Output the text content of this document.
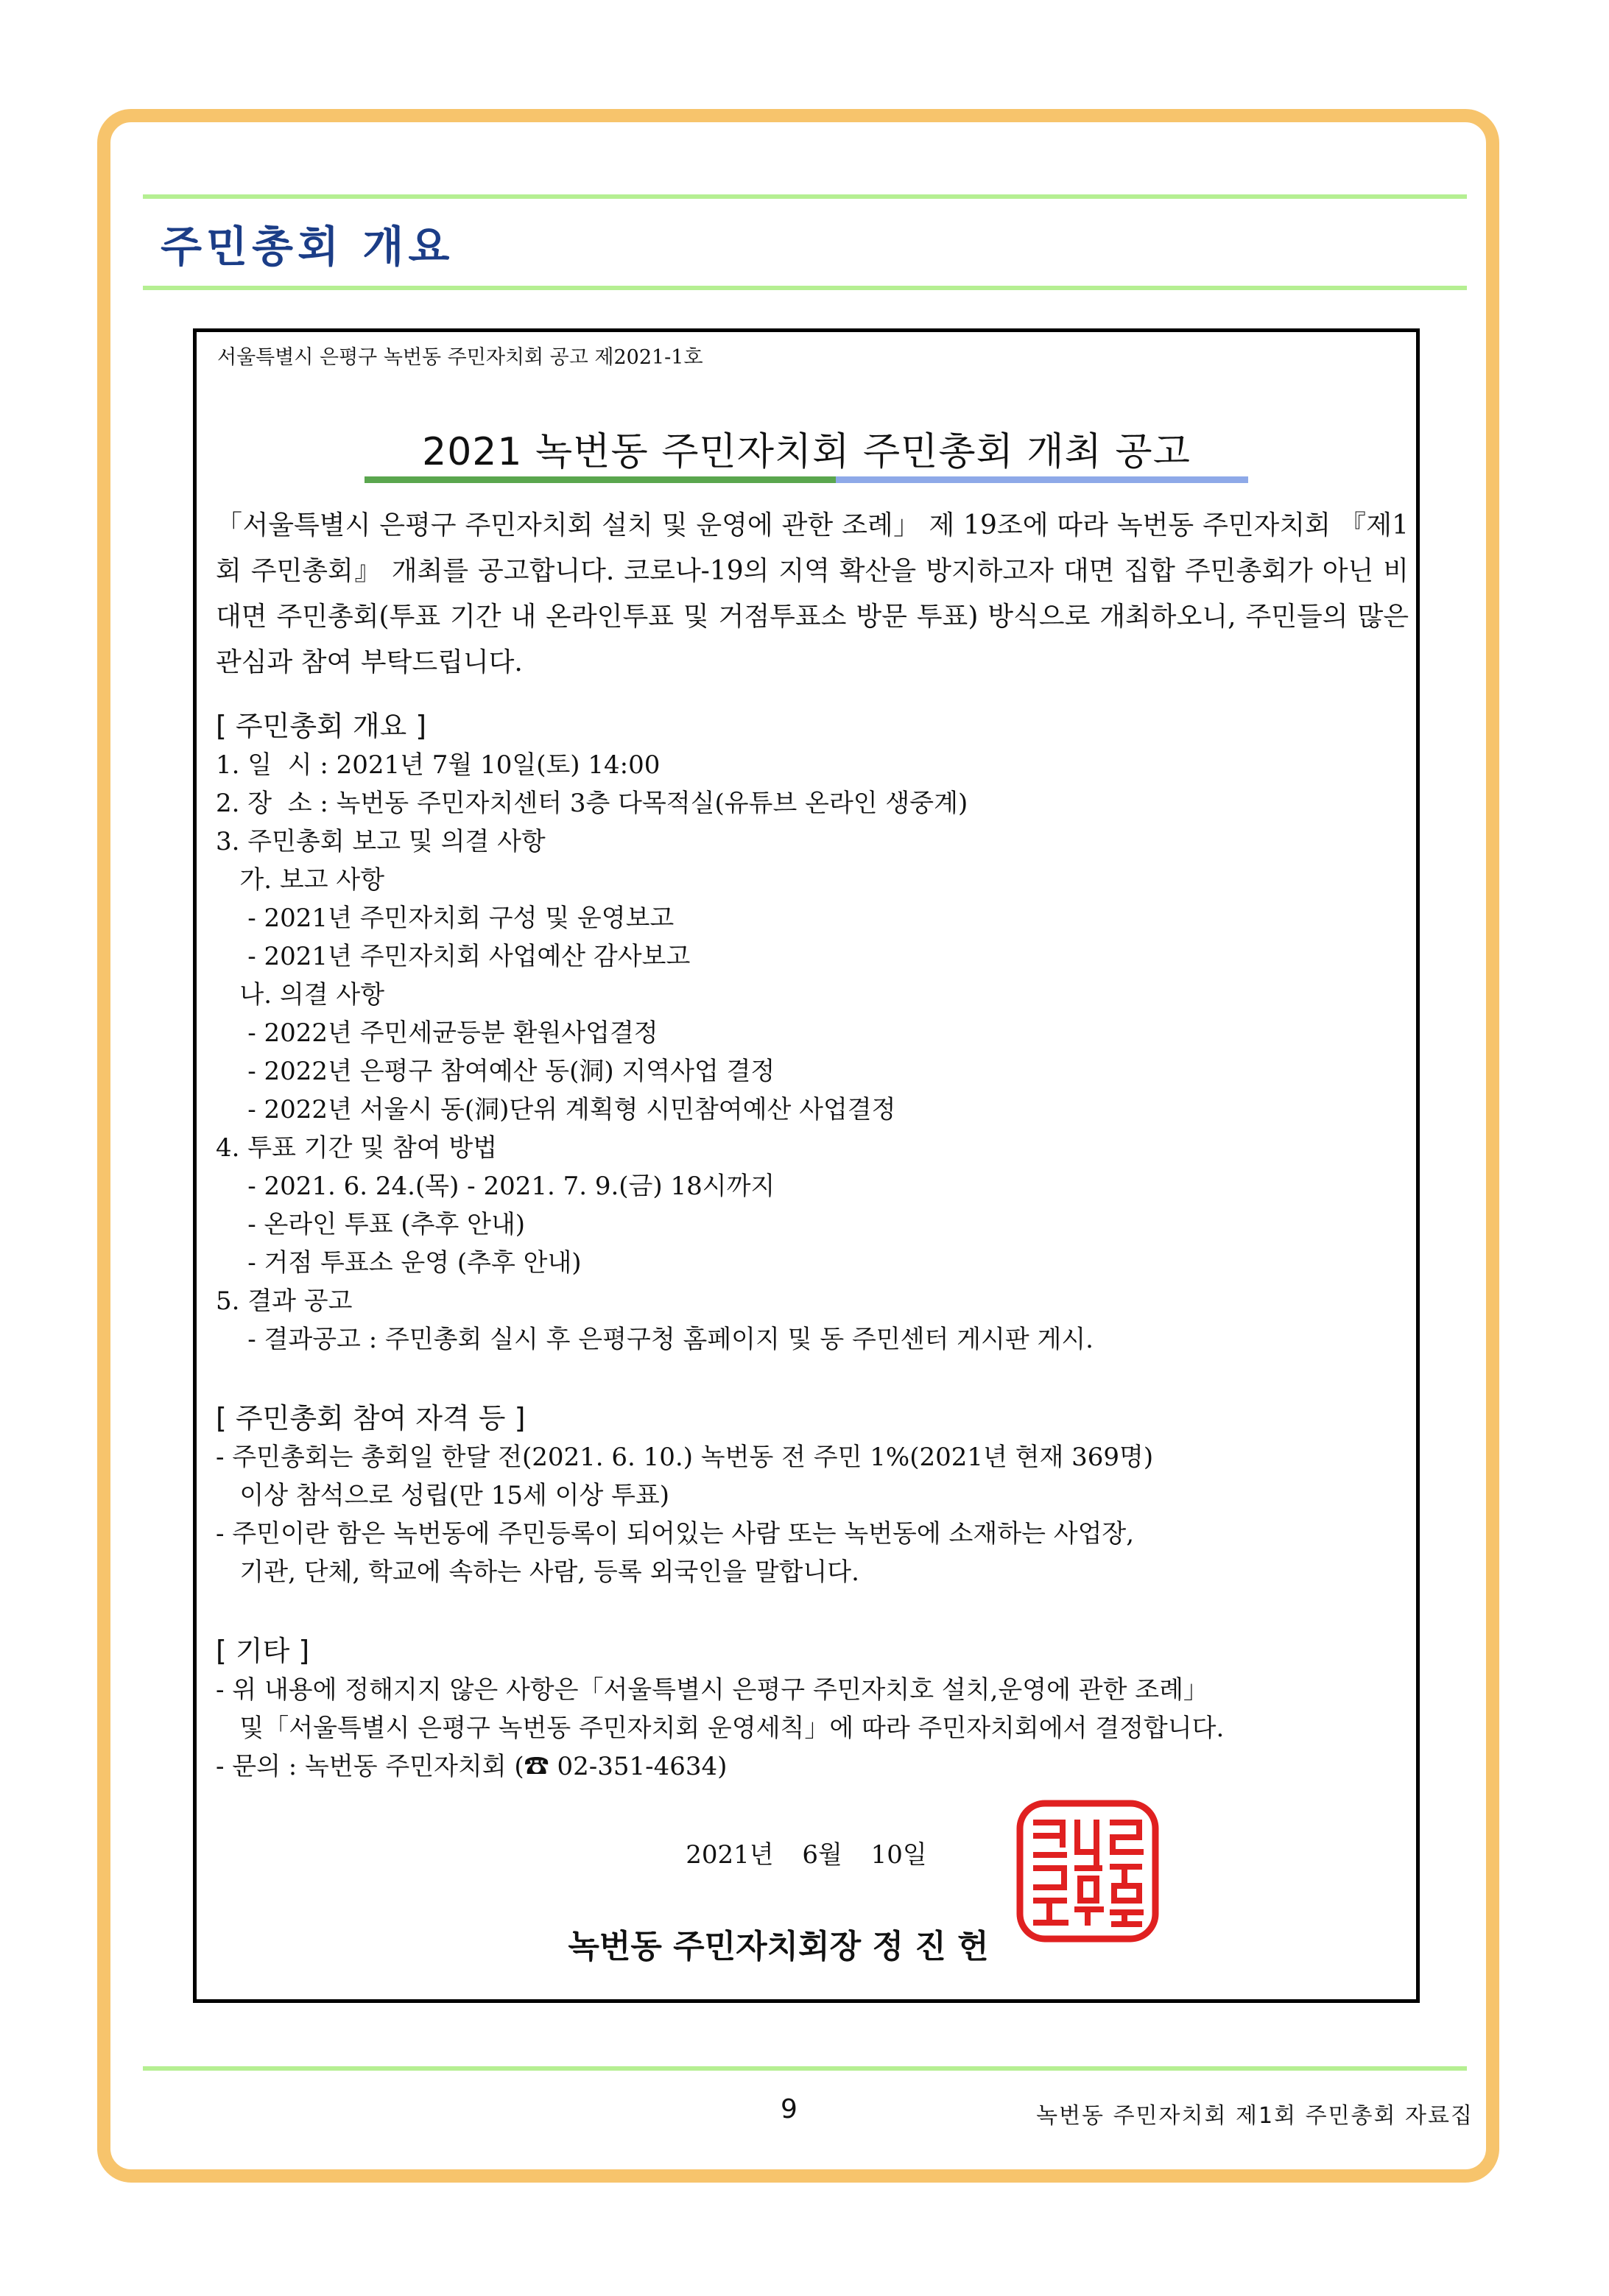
주민총회 개요
서울특별시 은평구 녹번동 주민자치회 공고 제2021-1호
2021 녹번동 주민자치회 주민총회 개최 공고

「서울특별시 은평구 주민자치회 설치 및 운영에 관한 조례」 제 19조에 따라 녹번동 주민자치회 『제1회 주민총회』 개최를 공고합니다. 코로나-19의 지역 확산을 방지하고자 대면 집합 주민총회가 아닌 비대면 주민총회(투표 기간 내 온라인투표 및 거점투표소 방문 투표) 방식으로 개최하오니, 주민들의 많은 관심과 참여 부탁드립니다.

[ 주민총회 개요 ]

1. 일  시 : 2021년 7월 10일(토) 14:00

2. 장  소 : 녹번동 주민자치센터 3층 다목적실(유튜브 온라인 생중계)

3. 주민총회 보고 및 의결 사항

가. 보고 사항

- 2021년 주민자치회 구성 및 운영보고

- 2021년 주민자치회 사업예산 감사보고

나. 의결 사항

- 2022년 주민세균등분 환원사업결정

- 2022년 은평구 참여예산 동(洞) 지역사업 결정

- 2022년 서울시 동(洞)단위 계획형 시민참여예산 사업결정

4. 투표 기간 및 참여 방법

- 2021. 6. 24.(목) - 2021. 7. 9.(금) 18시까지

- 온라인 투표 (추후 안내)

- 거점 투표소 운영 (추후 안내)

5. 결과 공고

- 결과공고 : 주민총회 실시 후 은평구청 홈페이지 및 동 주민센터 게시판 게시.

[ 주민총회 참여 자격 등 ]

- 주민총회는 총회일 한달 전(2021. 6. 10.) 녹번동 전 주민 1%(2021년 현재 369명)

이상 참석으로 성립(만 15세 이상 투표)

- 주민이란 함은 녹번동에 주민등록이 되어있는 사람 또는 녹번동에 소재하는 사업장,

기관, 단체, 학교에 속하는 사람, 등록 외국인을 말합니다.

[ 기타 ]

- 위 내용에 정해지지 않은 사항은「서울특별시 은평구 주민자치호 설치,운영에 관한 조례」

및「서울특별시 은평구 녹번동 주민자치회 운영세칙」에 따라 주민자치회에서 결정합니다.

- 문의 : 녹번동 주민자치회 (☎ 02-351-4634)

2021년 6월 10일
녹번동 주민자치회장 정 진 헌
9	녹번동 주민자치회 제1회 주민총회 자료집
